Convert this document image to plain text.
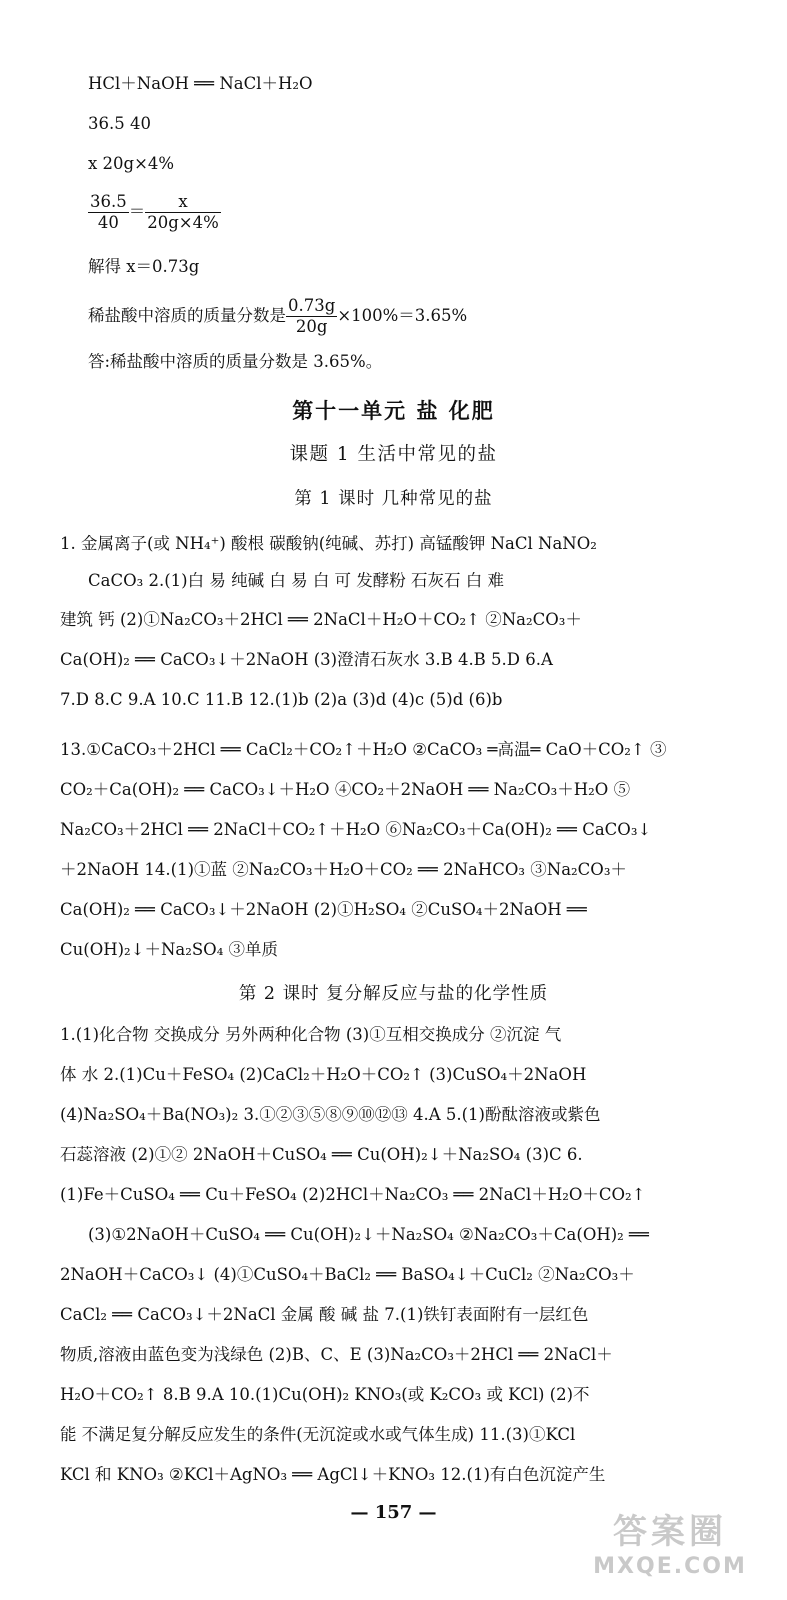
HCl＋NaOH ══ NaCl＋H₂O
36.5 40
x 20g×4%
$\frac{36.5}{40} = \frac{x}{20g\times 4\%}$
解得 x＝0.73g
稀盐酸中溶质的质量分数是 $\frac{0.73g}{20g} \times 100\%=3.65\%$
答:稀盐酸中溶质的质量分数是 3.65%。
第十一单元 盐 化肥
课题 1 生活中常见的盐
第 1 课时 几种常见的盐
1. 金属离子(或 NH₄⁺) 酸根 碳酸钠(纯碱、苏打) 高锰酸钾 NaCl NaNO₂
CaCO₃ 2.(1)白 易 纯碱 白 易 白 可 发酵粉 石灰石 白 难
建筑 钙 (2)①Na₂CO₃＋2HCl ══ 2NaCl＋H₂O＋CO₂↑ ②Na₂CO₃＋
Ca(OH)₂ ══ CaCO₃↓＋2NaOH (3)澄清石灰水 3.B 4.B 5.D 6.A
7.D 8.C 9.A 10.C 11.B 12.(1)b (2)a (3)d (4)c (5)d (6)b
13.①CaCO₃＋2HCl ══ CaCl₂＋CO₂↑＋H₂O ②CaCO₃ ═高温═ CaO＋CO₂↑ ③
CO₂＋Ca(OH)₂ ══ CaCO₃↓＋H₂O ④CO₂＋2NaOH ══ Na₂CO₃＋H₂O ⑤
Na₂CO₃＋2HCl ══ 2NaCl＋CO₂↑＋H₂O ⑥Na₂CO₃＋Ca(OH)₂ ══ CaCO₃↓
＋2NaOH 14.(1)①蓝 ②Na₂CO₃＋H₂O＋CO₂ ══ 2NaHCO₃ ③Na₂CO₃＋
Ca(OH)₂ ══ CaCO₃↓＋2NaOH (2)①H₂SO₄ ②CuSO₄＋2NaOH ══
Cu(OH)₂↓＋Na₂SO₄ ③单质
第 2 课时 复分解反应与盐的化学性质
1.(1)化合物 交换成分 另外两种化合物 (3)①互相交换成分 ②沉淀 气
体 水 2.(1)Cu＋FeSO₄ (2)CaCl₂＋H₂O＋CO₂↑ (3)CuSO₄＋2NaOH
(4)Na₂SO₄＋Ba(NO₃)₂ 3.①②③⑤⑧⑨⑩⑫⑬ 4.A 5.(1)酚酞溶液或紫色
石蕊溶液 (2)①② 2NaOH＋CuSO₄ ══ Cu(OH)₂↓＋Na₂SO₄ (3)C 6.
(1)Fe＋CuSO₄ ══ Cu＋FeSO₄ (2)2HCl＋Na₂CO₃ ══ 2NaCl＋H₂O＋CO₂↑
(3)①2NaOH＋CuSO₄ ══ Cu(OH)₂↓＋Na₂SO₄ ②Na₂CO₃＋Ca(OH)₂ ══
2NaOH＋CaCO₃↓ (4)①CuSO₄＋BaCl₂ ══ BaSO₄↓＋CuCl₂ ②Na₂CO₃＋
CaCl₂ ══ CaCO₃↓＋2NaCl 金属 酸 碱 盐 7.(1)铁钉表面附有一层红色
物质,溶液由蓝色变为浅绿色 (2)B、C、E (3)Na₂CO₃＋2HCl ══ 2NaCl＋
H₂O＋CO₂↑ 8.B 9.A 10.(1)Cu(OH)₂ KNO₃(或 K₂CO₃ 或 KCl) (2)不
能 不满足复分解反应发生的条件(无沉淀或水或气体生成) 11.(3)①KCl
KCl 和 KNO₃ ②KCl＋AgNO₃ ══ AgCl↓＋KNO₃ 12.(1)有白色沉淀产生
— 157 —	答案圈
MXQE.COM
